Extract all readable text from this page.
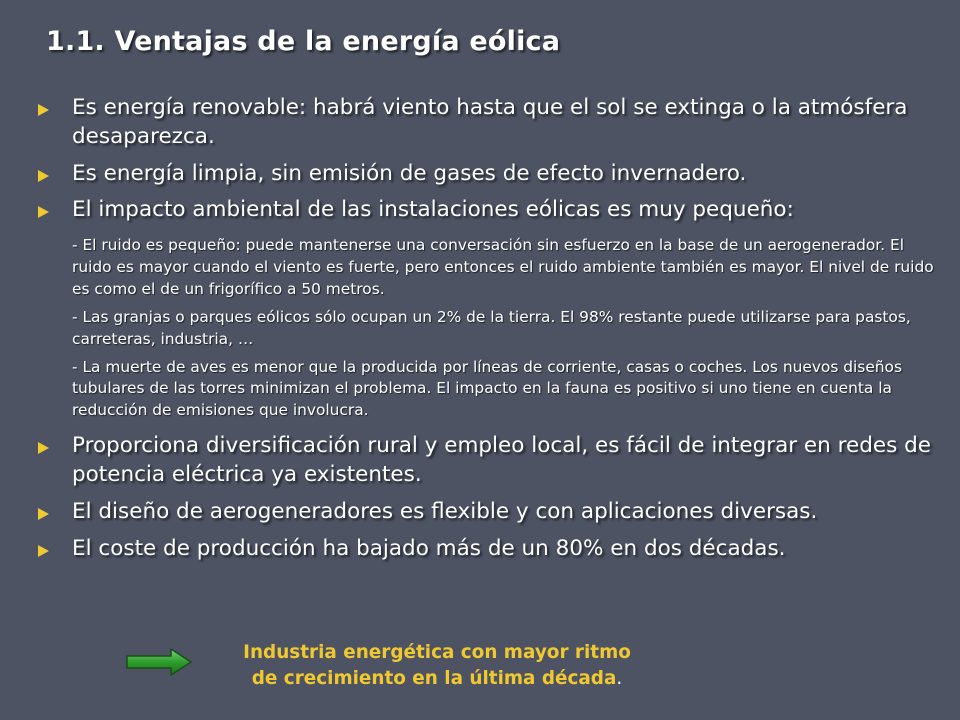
1.1. Ventajas de la energía eólica
Es energía renovable: habrá viento hasta que el sol se extinga o la atmósfera desaparezca.
Es energía limpia, sin emisión de gases de efecto invernadero.
El impacto ambiental de las instalaciones eólicas es muy pequeño:
- El ruido es pequeño: puede mantenerse una conversación sin esfuerzo en la base de un aerogenerador. El ruido es mayor cuando el viento es fuerte, pero entonces el ruido ambiente también es mayor. El nivel de ruido es como el de un frigorífico a 50 metros.
- Las granjas o parques eólicos sólo ocupan un 2% de la tierra. El 98% restante puede utilizarse para pastos, carreteras, industria, …
- La muerte de aves es menor que la producida por líneas de corriente, casas o coches. Los nuevos diseños tubulares de las torres minimizan el problema. El impacto en la fauna es positivo si uno tiene en cuenta la reducción de emisiones que involucra.
Proporciona diversificación rural y empleo local, es fácil de integrar en redes de potencia eléctrica ya existentes.
El diseño de aerogeneradores es flexible y con aplicaciones diversas.
El coste de producción ha bajado más de un 80% en dos décadas.
Industria energética con mayor ritmo
de crecimiento en la última década.
